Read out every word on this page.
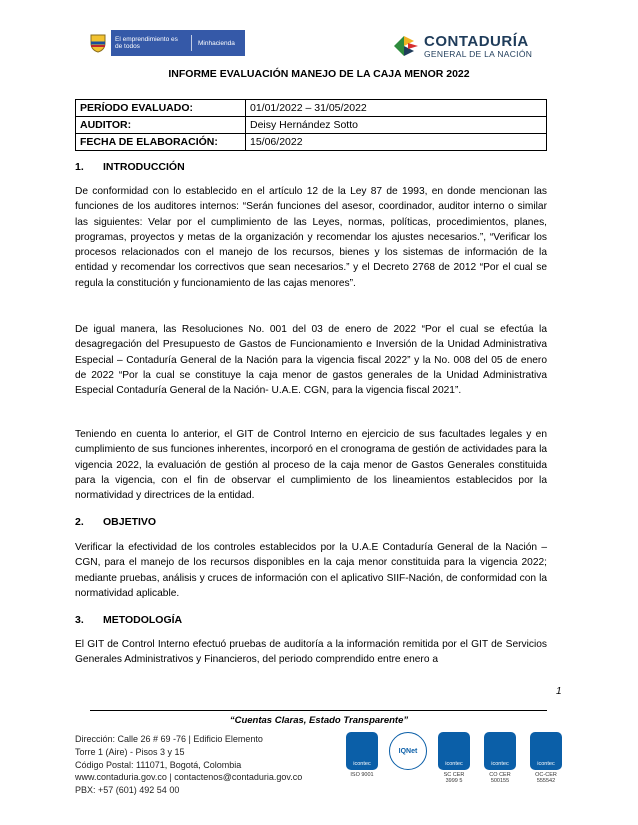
El emprendimiento es de todos	Minhacienda	CONTADURÍA
GENERAL DE LA NACIÓN
INFORME EVALUACIÓN MANEJO DE LA CAJA MENOR 2022
PERÍODO EVALUADO:	01/01/2022 – 31/05/2022
AUDITOR:	Deisy Hernández Sotto
FECHA DE ELABORACIÓN:	15/06/2022
1. INTRODUCCIÓN
De conformidad con lo establecido en el artículo 12 de la Ley 87 de 1993, en donde mencionan las funciones de los auditores internos: “Serán funciones del asesor, coordinador, auditor interno o similar las siguientes: Velar por el cumplimiento de las Leyes, normas, políticas, procedimientos, planes, programas, proyectos y metas de la organización y recomendar los ajustes necesarios.”, “Verificar los procesos relacionados con el manejo de los recursos, bienes y los sistemas de información de la entidad y recomendar los correctivos que sean necesarios.” y el Decreto 2768 de 2012 “Por el cual se regula la constitución y funcionamiento de las cajas menores”.
De igual manera, las Resoluciones No. 001 del 03 de enero de 2022 “Por el cual se efectúa la desagregación del Presupuesto de Gastos de Funcionamiento e Inversión de la Unidad Administrativa Especial – Contaduría General de la Nación para la vigencia fiscal 2022” y la No. 008 del 05 de enero de 2022 “Por la cual se constituye la caja menor de gastos generales de la Unidad Administrativa Especial Contaduría General de la Nación- U.A.E. CGN, para la vigencia fiscal 2021”.
Teniendo en cuenta lo anterior, el GIT de Control Interno en ejercicio de sus facultades legales y en cumplimiento de sus funciones inherentes, incorporó en el cronograma de gestión de actividades para la vigencia 2022, la evaluación de gestión al proceso de la caja menor de Gastos Generales constituida para la vigencia, con el fin de observar el cumplimiento de los lineamientos establecidos por la normatividad y directrices de la entidad.
2. OBJETIVO
Verificar la efectividad de los controles establecidos por la U.A.E Contaduría General de la Nación – CGN, para el manejo de los recursos disponibles en la caja menor constituida para la vigencia 2022; mediante pruebas, análisis y cruces de información con el aplicativo SIIF-Nación, de conformidad con la normatividad aplicable.
3. METODOLOGÍA
El GIT de Control Interno efectuó pruebas de auditoría a la información remitida por el GIT de Servicios Generales Administrativos y Financieros, del periodo comprendido entre enero a
1
“Cuentas Claras, Estado Transparente”
Dirección: Calle 26 # 69 -76 | Edificio Elemento
Torre 1 (Aire) - Pisos 3 y 15
Código Postal: 111071, Bogotá, Colombia
www.contaduria.gov.co | contactenos@contaduria.gov.co
PBX: +57 (601) 492 54 00
icontec
ISO 9001
IQNet
icontec
SC CER 3999 5
icontec
CO CER 500155
icontec
OC-CER 555542
